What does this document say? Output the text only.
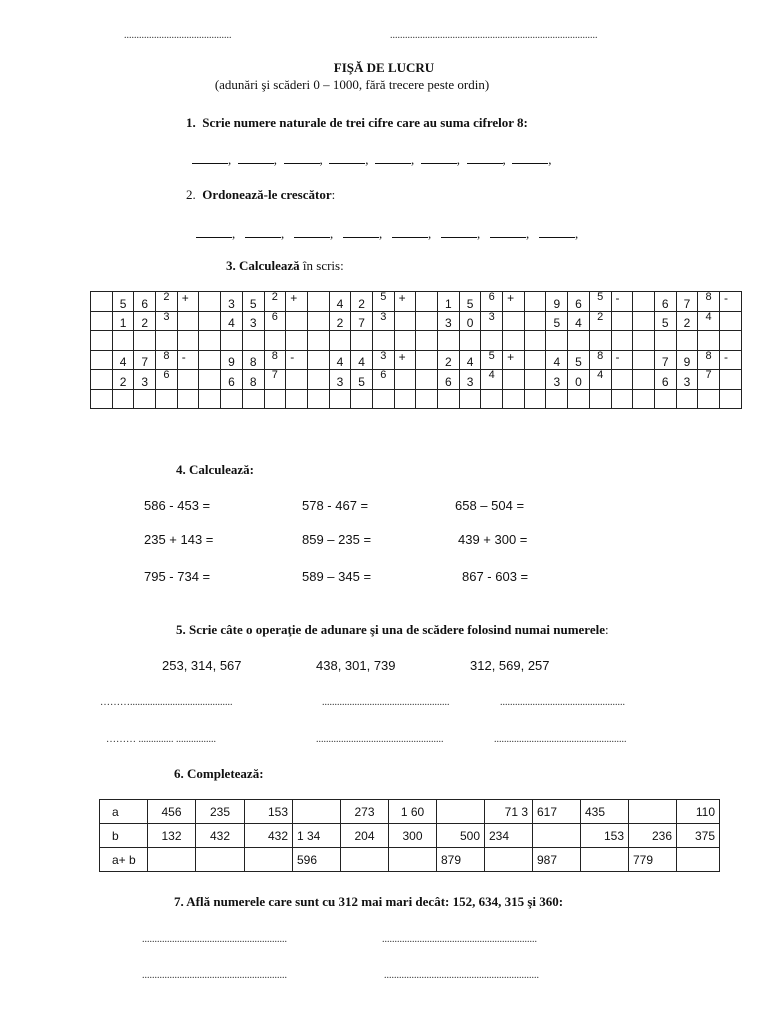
...........................................	...................................................................................
FIŞĂ DE LUCRU
(adunări şi scăderi 0 – 1000, fără trecere peste ordin)
1. Scrie numere naturale de trei cifre care au suma cifrelor 8:
,	,	,	,	,	,	,	,
2. Ordonează-le crescător:
,	,	,	,	,	,	,	,
3. Calculează în scris:
	5	6	2	+		3	5	2	+		4	2	5	+		1	5	6	+		9	6	5	-		6	7	8	-
	1	2	3			4	3	6			2	7	3			3	0	3			5	4	2			5	2	4	

	4	7	8	-		9	8	8	-		4	4	3	+		2	4	5	+		4	5	8	-		7	9	8	-
	2	3	6			6	8	7			3	5	6			6	3	4			3	0	4			6	3	7	

4. Calculează:
586 - 453 =	578 - 467 =	658 – 504 =
235 + 143 =	859 – 235 =	439 + 300 =
795 - 734 =	589 – 345 =	867 - 603 =
5. Scrie câte o operaţie de adunare şi una de scădere folosind numai numerele:
253, 314, 567	438, 301, 739	312, 569, 257
……….........................................	...................................................	..................................................
……… .............. ................	...................................................	.....................................................
6. Completează:
a	456	235	153		273	1 60		71 3	617	435		110
b	132	432	432	1 34	204	300	500	234		153	236	375
a+ b				596			879		987		779	
7. Află numerele care sunt cu 312 mai mari decât: 152, 634, 315 şi 360:
..........................................................	..............................................................
..........................................................	..............................................................
